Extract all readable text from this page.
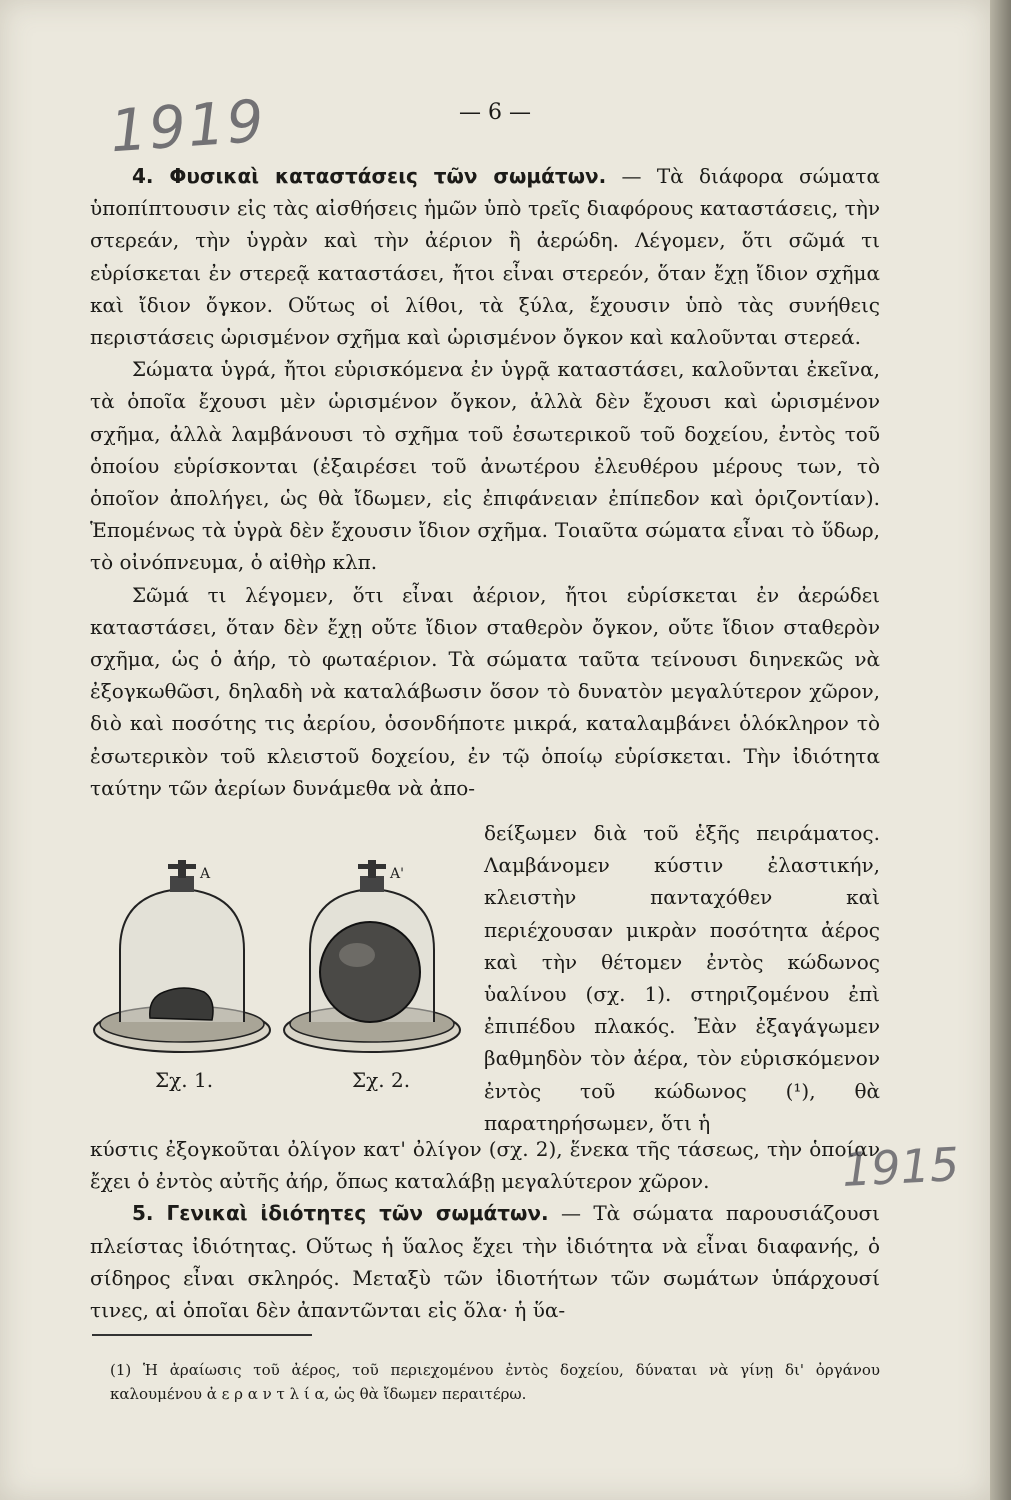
1919	— 6 —

4. Φυσικαὶ καταστάσεις τῶν σωμάτων. — Τὰ διάφορα σώματα ὑποπίπτουσιν εἰς τὰς αἰσθήσεις ἡμῶν ὑπὸ τρεῖς διαφόρους καταστάσεις, τὴν στερεάν, τὴν ὑγρὰν καὶ τὴν ἀέριον ἢ ἀερώδη. Λέγομεν, ὅτι σῶμά τι εὑρίσκεται ἐν στερεᾷ καταστάσει, ἤτοι εἶναι στερεόν, ὅταν ἔχῃ ἴδιον σχῆμα καὶ ἴδιον ὄγκον. Οὕτως οἱ λίθοι, τὰ ξύλα, ἔχουσιν ὑπὸ τὰς συνήθεις περιστάσεις ὡρισμένον σχῆμα καὶ ὡρισμένον ὄγκον καὶ καλοῦνται στερεά.

Σώματα ὑγρά, ἤτοι εὑρισκόμενα ἐν ὑγρᾷ καταστάσει, καλοῦνται ἐκεῖνα, τὰ ὁποῖα ἔχουσι μὲν ὡρισμένον ὄγκον, ἀλλὰ δὲν ἔχουσι καὶ ὡρισμένον σχῆμα, ἀλλὰ λαμβάνουσι τὸ σχῆμα τοῦ ἐσωτερικοῦ τοῦ δοχείου, ἐντὸς τοῦ ὁποίου εὑρίσκονται (ἐξαιρέσει τοῦ ἀνωτέρου ἐλευθέρου μέρους των, τὸ ὁποῖον ἀπολήγει, ὡς θὰ ἴδωμεν, εἰς ἐπιφάνειαν ἐπίπεδον καὶ ὁριζοντίαν). Ἑπομένως τὰ ὑγρὰ δὲν ἔχουσιν ἴδιον σχῆμα. Τοιαῦτα σώματα εἶναι τὸ ὕδωρ, τὸ οἰνόπνευμα, ὁ αἰθὴρ κλπ.

Σῶμά τι λέγομεν, ὅτι εἶναι ἀέριον, ἤτοι εὑρίσκεται ἐν ἀερώδει καταστάσει, ὅταν δὲν ἔχῃ οὔτε ἴδιον σταθερὸν ὄγκον, οὔτε ἴδιον σταθερὸν σχῆμα, ὡς ὁ ἀήρ, τὸ φωταέριον. Τὰ σώματα ταῦτα τείνουσι διηνεκῶς νὰ ἐξογκωθῶσι, δηλαδὴ νὰ καταλάβωσιν ὅσον τὸ δυνατὸν μεγαλύτερον χῶρον, διὸ καὶ ποσότης τις ἀερίου, ὁσονδήποτε μικρά, καταλαμβάνει ὁλόκληρον τὸ ἐσωτερικὸν τοῦ κλειστοῦ δοχείου, ἐν τῷ ὁποίῳ εὑρίσκεται. Τὴν ἰδιότητα ταύτην τῶν ἀερίων δυνάμεθα νὰ ἀπο-

δείξωμεν διὰ τοῦ ἑξῆς πειράματος. Λαμβάνομεν κύστιν ἐλαστικήν, κλειστὴν πανταχόθεν καὶ περιέχουσαν μικρὰν ποσότητα ἀέρος καὶ τὴν θέτομεν ἐντὸς κώδωνος ὑαλίνου (σχ. 1). στηριζομένου ἐπὶ ἐπιπέδου πλακός. Ἐὰν ἐξαγάγωμεν βαθμηδὸν τὸν ἀέρα, τὸν εὑρισκόμενον ἐντὸς τοῦ κώδωνος (¹), θὰ παρατηρήσωμεν, ὅτι ἡ
A	A'
Σχ. 1.	Σχ. 2.

κύστις ἐξογκοῦται ὀλίγον κατ' ὀλίγον (σχ. 2), ἕνεκα τῆς τάσεως, τὴν ὁποίαν ἔχει ὁ ἐντὸς αὐτῆς ἀήρ, ὅπως καταλάβῃ μεγαλύτερον χῶρον.

5. Γενικαὶ ἰδιότητες τῶν σωμάτων. — Τὰ σώματα παρουσιάζουσι πλείστας ἰδιότητας. Οὕτως ἡ ὕαλος ἔχει τὴν ἰδιότητα νὰ εἶναι διαφανής, ὁ σίδηρος εἶναι σκληρός. Μεταξὺ τῶν ἰδιοτήτων τῶν σωμάτων ὑπάρχουσί τινες, αἱ ὁποῖαι δὲν ἀπαντῶνται εἰς ὅλα· ἡ ὕα-

1915
(1) Ἡ ἀραίωσις τοῦ ἀέρος, τοῦ περιεχομένου ἐντὸς δοχείου, δύναται νὰ γίνῃ δι' ὀργάνου καλουμένου ἀ ε ρ α ν τ λ ί α, ὡς θὰ ἴδωμεν περαιτέρω.
